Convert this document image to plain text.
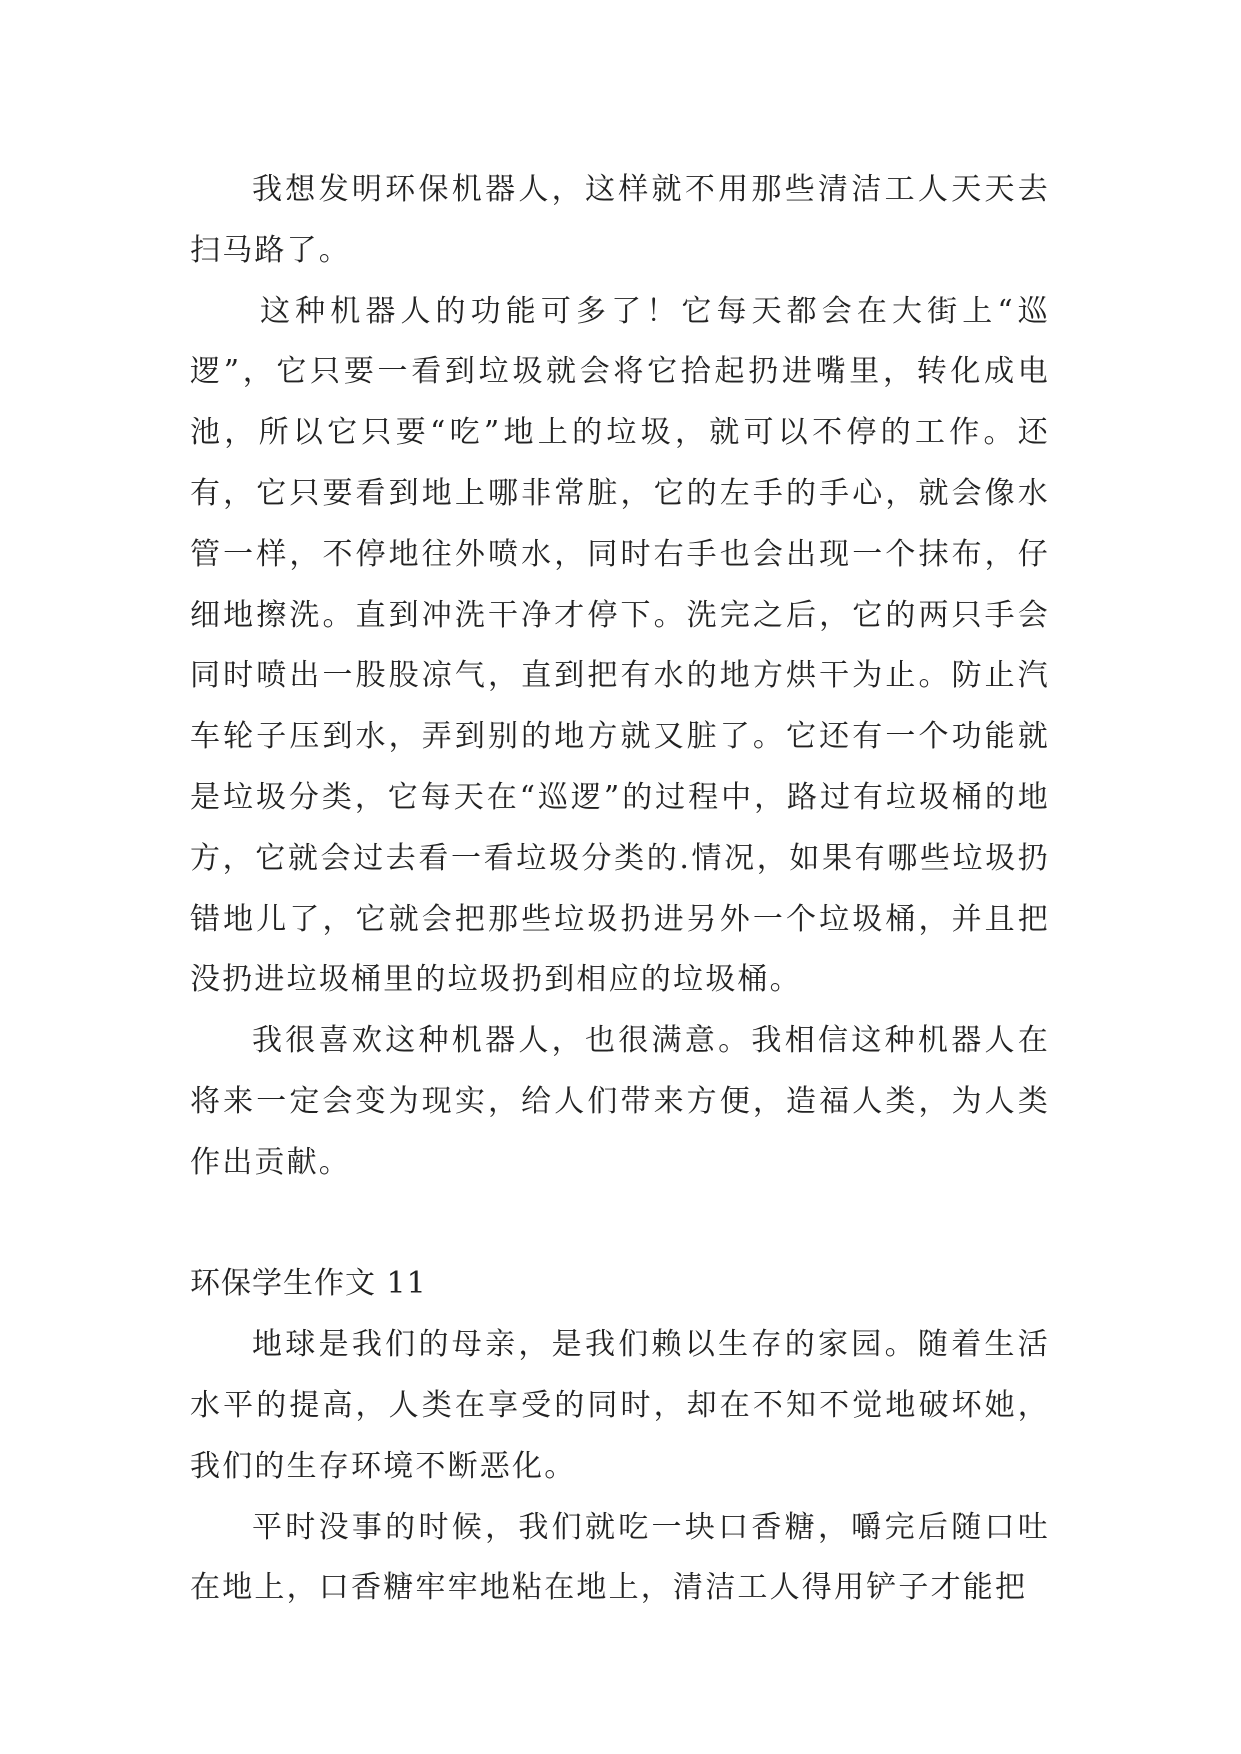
我想发明环保机器人，这样就不用那些清洁工人天天去扫马路了。

这种机器人的功能可多了！它每天都会在大街上“巡逻”，它只要一看到垃圾就会将它拾起扔进嘴里，转化成电池，所以它只要“吃”地上的垃圾，就可以不停的工作。还有，它只要看到地上哪非常脏，它的左手的手心，就会像水管一样，不停地往外喷水，同时右手也会出现一个抹布，仔细地擦洗。直到冲洗干净才停下。洗完之后，它的两只手会同时喷出一股股凉气，直到把有水的地方烘干为止。防止汽车轮子压到水，弄到别的地方就又脏了。它还有一个功能就是垃圾分类，它每天在“巡逻”的过程中，路过有垃圾桶的地方，它就会过去看一看垃圾分类的.情况，如果有哪些垃圾扔错地儿了，它就会把那些垃圾扔进另外一个垃圾桶，并且把没扔进垃圾桶里的垃圾扔到相应的垃圾桶。

我很喜欢这种机器人，也很满意。我相信这种机器人在将来一定会变为现实，给人们带来方便，造福人类，为人类作出贡献。

环保学生作文 11

地球是我们的母亲，是我们赖以生存的家园。随着生活水平的提高，人类在享受的同时，却在不知不觉地破坏她，我们的生存环境不断恶化。

平时没事的时候，我们就吃一块口香糖，嚼完后随口吐在地上，口香糖牢牢地粘在地上，清洁工人得用铲子才能把
